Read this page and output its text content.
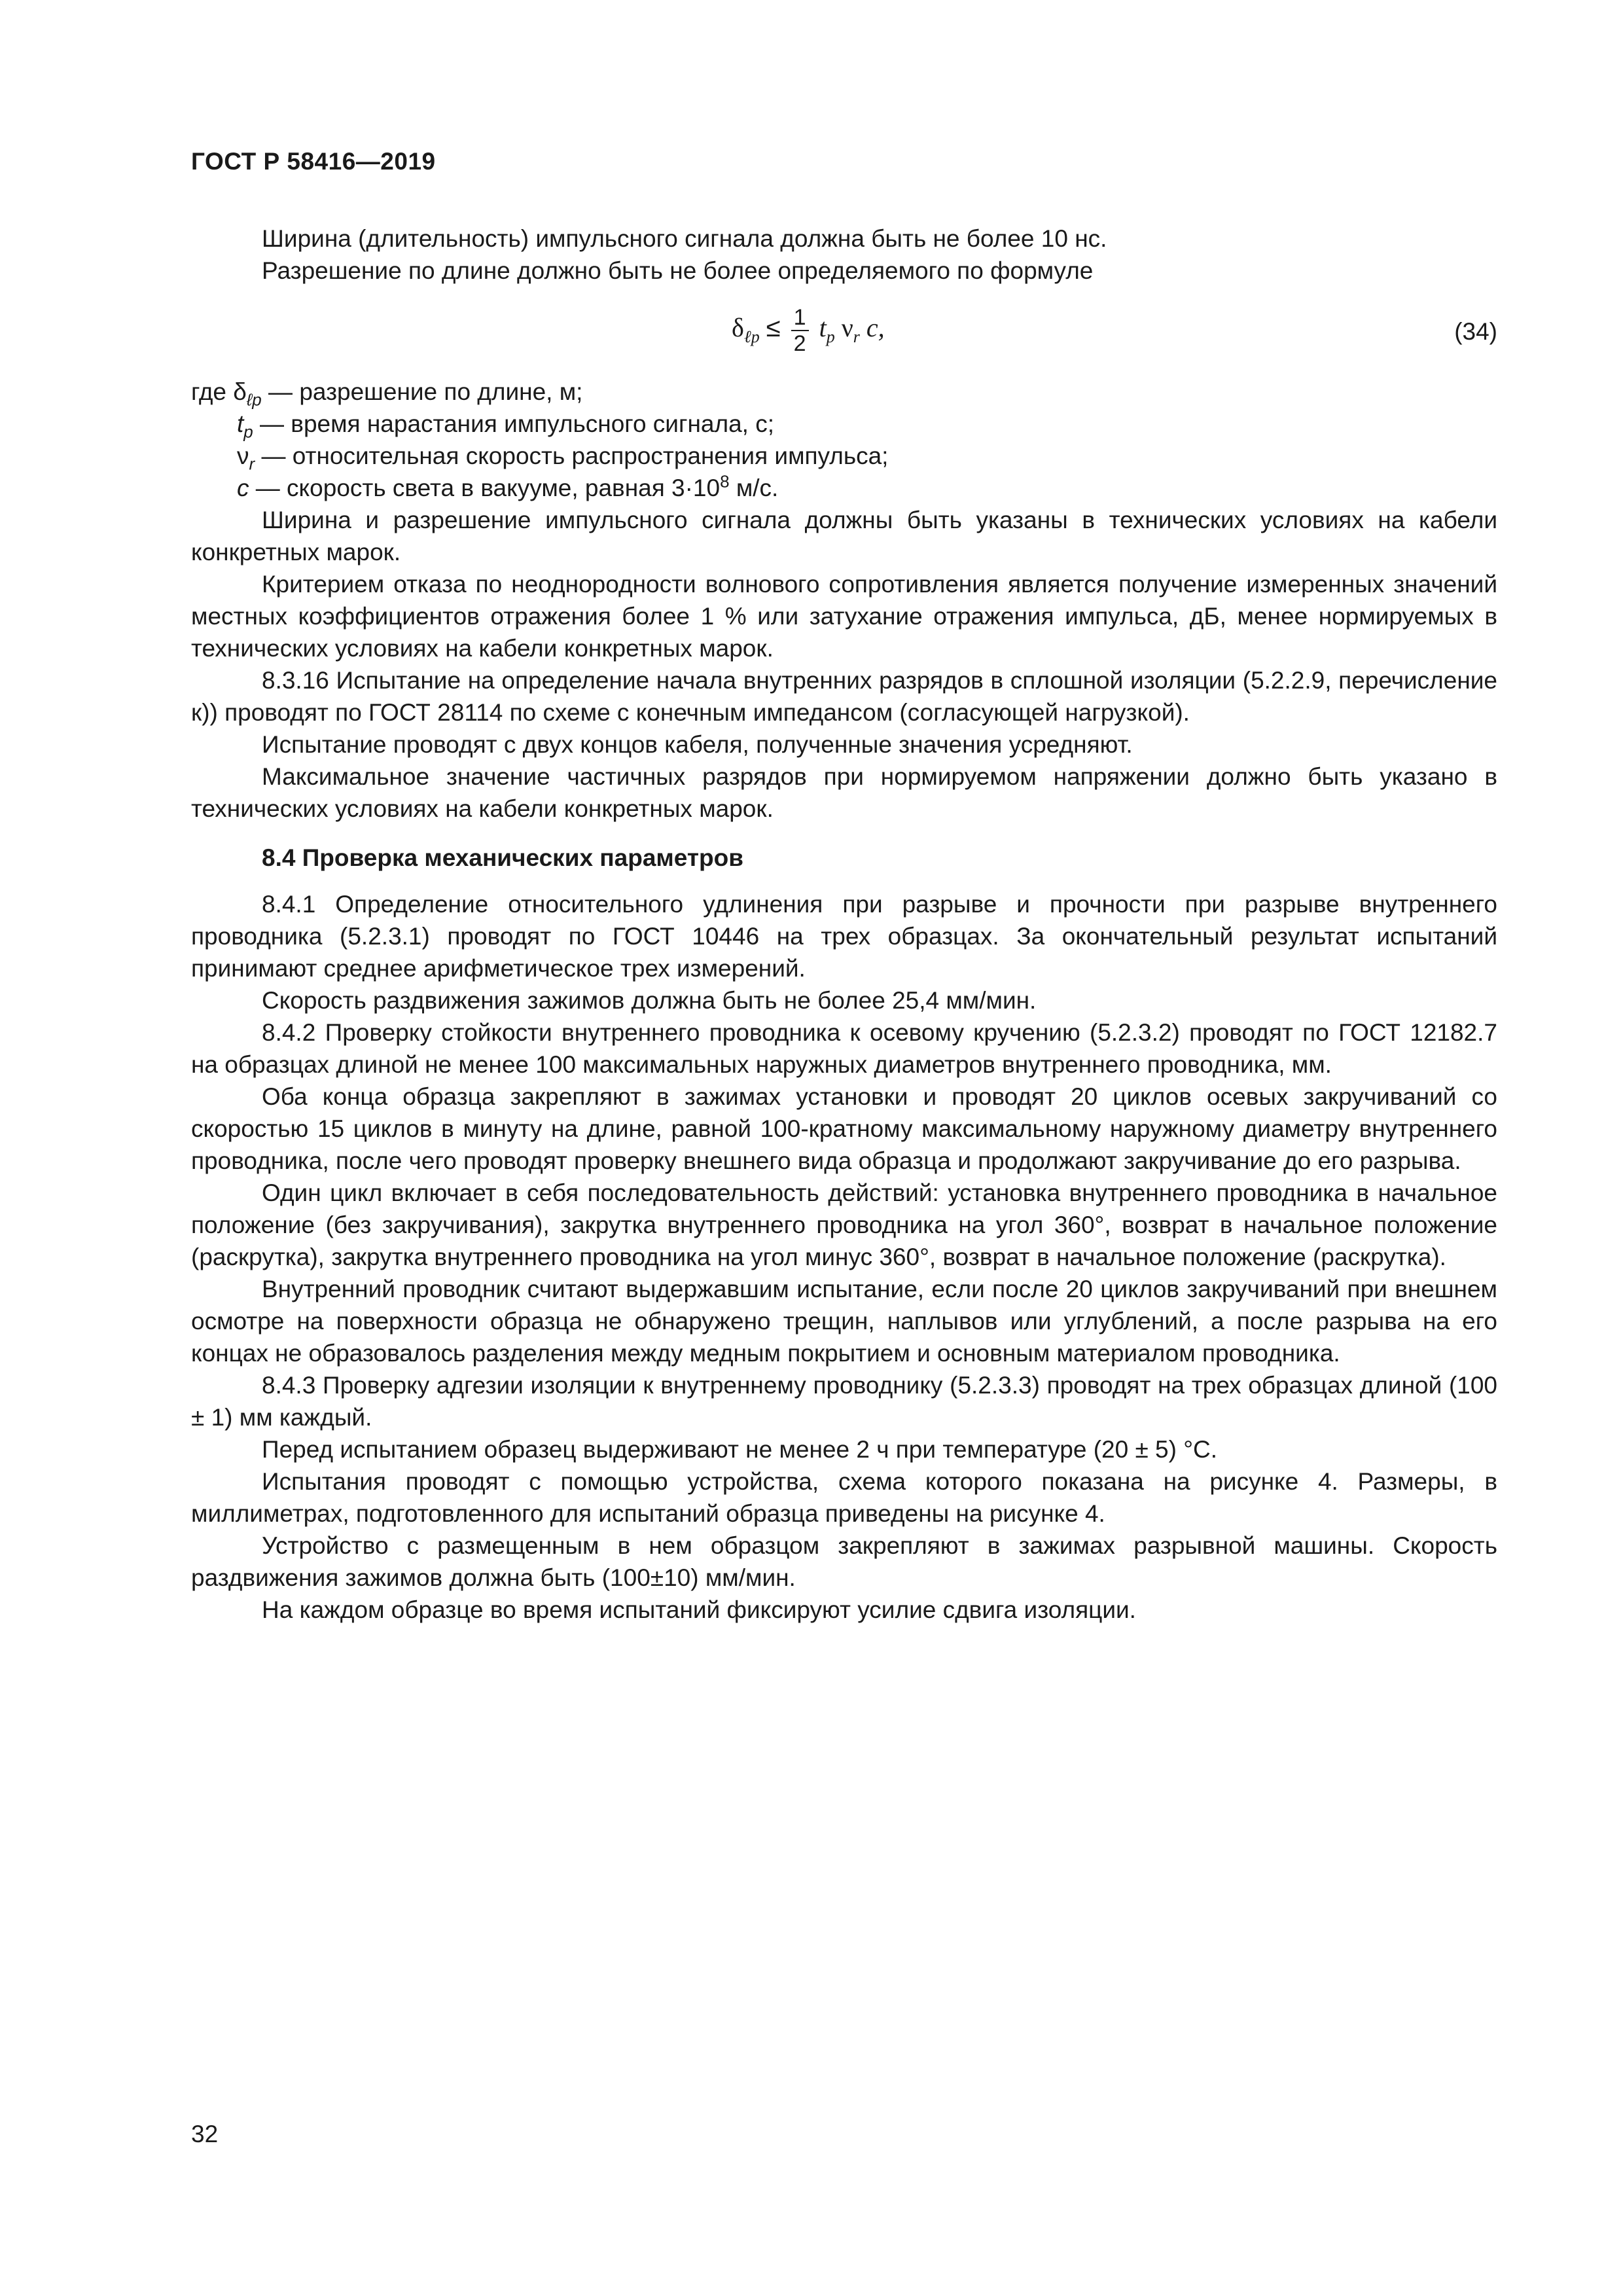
ГОСТ Р 58416—2019

Ширина (длительность) импульсного сигнала должна быть не более 10 нс.

Разрешение по длине должно быть не более определяемого по формуле

$\delta_{\ell p} \le \frac{1}{2} t_p$ $\nu_r$ c,	(34)

где $\delta_{\ell p}$ — разрешение по длине, м;

$t_p$ — время нарастания импульсного сигнала, с;

$\nu_r$ — относительная скорость распространения импульса;

c — скорость света в вакууме, равная $3\cdot 10^8$ м/с.

Ширина и разрешение импульсного сигнала должны быть указаны в технических условиях на кабели конкретных марок.

Критерием отказа по неоднородности волнового сопротивления является получение измеренных значений местных коэффициентов отражения более 1 % или затухание отражения импульса, дБ, менее нормируемых в технических условиях на кабели конкретных марок.

8.3.16 Испытание на определение начала внутренних разрядов в сплошной изоляции (5.2.2.9, перечисление к)) проводят по ГОСТ 28114 по схеме с конечным импедансом (согласующей нагрузкой).

Испытание проводят с двух концов кабеля, полученные значения усредняют.

Максимальное значение частичных разрядов при нормируемом напряжении должно быть указано в технических условиях на кабели конкретных марок.

8.4 Проверка механических параметров

8.4.1 Определение относительного удлинения при разрыве и прочности при разрыве внутреннего проводника (5.2.3.1) проводят по ГОСТ 10446 на трех образцах. За окончательный результат испытаний принимают среднее арифметическое трех измерений.

Скорость раздвижения зажимов должна быть не более 25,4 мм/мин.

8.4.2 Проверку стойкости внутреннего проводника к осевому кручению (5.2.3.2) проводят по ГОСТ 12182.7 на образцах длиной не менее 100 максимальных наружных диаметров внутреннего проводника, мм.

Оба конца образца закрепляют в зажимах установки и проводят 20 циклов осевых закручиваний со скоростью 15 циклов в минуту на длине, равной 100-кратному максимальному наружному диаметру внутреннего проводника, после чего проводят проверку внешнего вида образца и продолжают закручивание до его разрыва.

Один цикл включает в себя последовательность действий: установка внутреннего проводника в начальное положение (без закручивания), закрутка внутреннего проводника на угол 360°, возврат в начальное положение (раскрутка), закрутка внутреннего проводника на угол минус 360°, возврат в начальное положение (раскрутка).

Внутренний проводник считают выдержавшим испытание, если после 20 циклов закручиваний при внешнем осмотре на поверхности образца не обнаружено трещин, наплывов или углублений, а после разрыва на его концах не образовалось разделения между медным покрытием и основным материалом проводника.

8.4.3 Проверку адгезии изоляции к внутреннему проводнику (5.2.3.3) проводят на трех образцах длиной (100 ± 1) мм каждый.

Перед испытанием образец выдерживают не менее 2 ч при температуре (20 ± 5) °С.

Испытания проводят с помощью устройства, схема которого показана на рисунке 4. Размеры, в миллиметрах, подготовленного для испытаний образца приведены на рисунке 4.

Устройство с размещенным в нем образцом закрепляют в зажимах разрывной машины. Скорость раздвижения зажимов должна быть (100±10) мм/мин.

На каждом образце во время испытаний фиксируют усилие сдвига изоляции.

32
